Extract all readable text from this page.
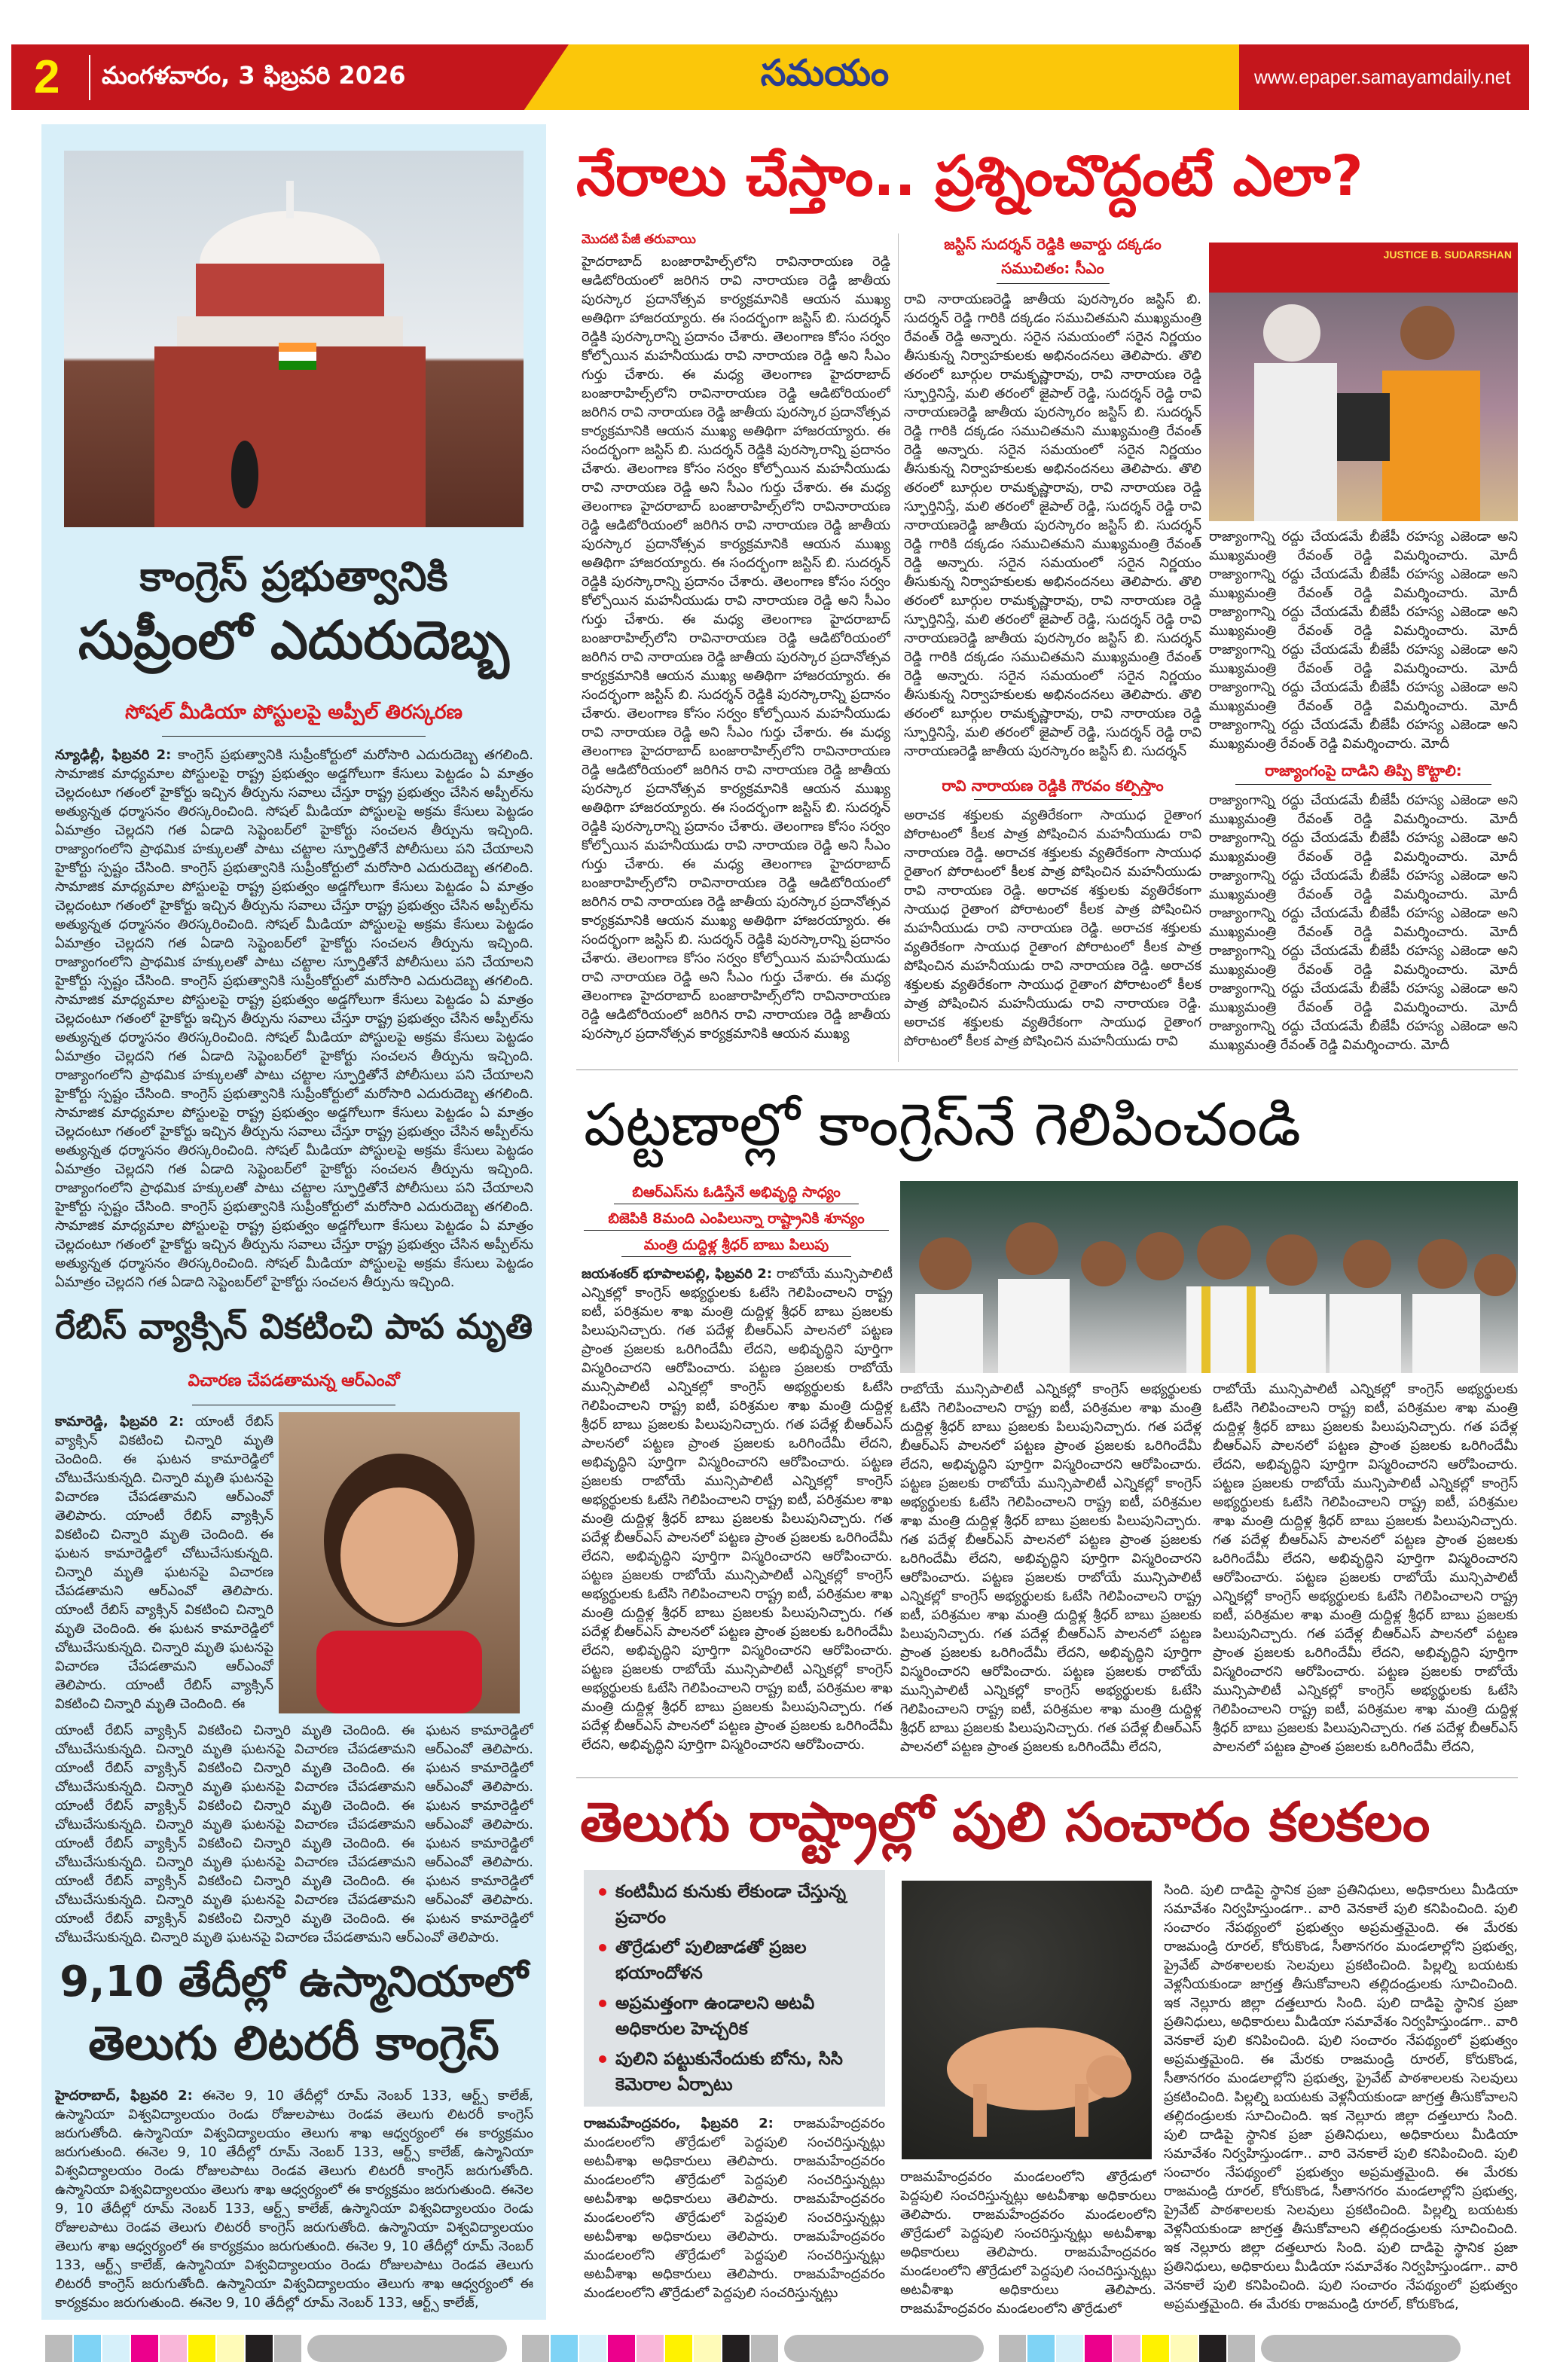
2 మంగళవారం, 3 ఫిబ్రవరి 2026	సమయం	www.epaper.samayamdaily.net
కాంగ్రెస్ ప్రభుత్వానికి
సుప్రీంలో ఎదురుదెబ్బ
సోషల్ మీడియా పోస్టులపై అప్పీల్ తిరస్కరణ
న్యూఢిల్లీ, ఫిబ్రవరి 2: కాంగ్రెస్ ప్రభుత్వానికి సుప్రీంకోర్టులో మరోసారి ఎదురుదెబ్బ తగలింది. సామాజిక మాధ్యమాల పోస్టులపై రాష్ట్ర ప్రభుత్వం అడ్డగోలుగా కేసులు పెట్టడం ఏ మాత్రం చెల్లదంటూ గతంలో హైకోర్టు ఇచ్చిన తీర్పును సవాలు చేస్తూ రాష్ట్ర ప్రభుత్వం చేసిన అప్పీల్‌ను అత్యున్నత ధర్మాసనం తిరస్కరించింది. సోషల్ మీడియా పోస్టులపై అక్రమ కేసులు పెట్టడం ఏమాత్రం చెల్లదని గత ఏడాది సెప్టెంబర్‌లో హైకోర్టు సంచలన తీర్పును ఇచ్చింది. రాజ్యాంగంలోని ప్రాథమిక హక్కులతో పాటు చట్టాల స్ఫూర్తితోనే పోలీసులు పని చేయాలని హైకోర్టు స్పష్టం చేసింది. కాంగ్రెస్ ప్రభుత్వానికి సుప్రీంకోర్టులో మరోసారి ఎదురుదెబ్బ తగలింది. సామాజిక మాధ్యమాల పోస్టులపై రాష్ట్ర ప్రభుత్వం అడ్డగోలుగా కేసులు పెట్టడం ఏ మాత్రం చెల్లదంటూ గతంలో హైకోర్టు ఇచ్చిన తీర్పును సవాలు చేస్తూ రాష్ట్ర ప్రభుత్వం చేసిన అప్పీల్‌ను అత్యున్నత ధర్మాసనం తిరస్కరించింది. సోషల్ మీడియా పోస్టులపై అక్రమ కేసులు పెట్టడం ఏమాత్రం చెల్లదని గత ఏడాది సెప్టెంబర్‌లో హైకోర్టు సంచలన తీర్పును ఇచ్చింది. రాజ్యాంగంలోని ప్రాథమిక హక్కులతో పాటు చట్టాల స్ఫూర్తితోనే పోలీసులు పని చేయాలని హైకోర్టు స్పష్టం చేసింది. కాంగ్రెస్ ప్రభుత్వానికి సుప్రీంకోర్టులో మరోసారి ఎదురుదెబ్బ తగలింది. సామాజిక మాధ్యమాల పోస్టులపై రాష్ట్ర ప్రభుత్వం అడ్డగోలుగా కేసులు పెట్టడం ఏ మాత్రం చెల్లదంటూ గతంలో హైకోర్టు ఇచ్చిన తీర్పును సవాలు చేస్తూ రాష్ట్ర ప్రభుత్వం చేసిన అప్పీల్‌ను అత్యున్నత ధర్మాసనం తిరస్కరించింది. సోషల్ మీడియా పోస్టులపై అక్రమ కేసులు పెట్టడం ఏమాత్రం చెల్లదని గత ఏడాది సెప్టెంబర్‌లో హైకోర్టు సంచలన తీర్పును ఇచ్చింది. రాజ్యాంగంలోని ప్రాథమిక హక్కులతో పాటు చట్టాల స్ఫూర్తితోనే పోలీసులు పని చేయాలని హైకోర్టు స్పష్టం చేసింది. కాంగ్రెస్ ప్రభుత్వానికి సుప్రీంకోర్టులో మరోసారి ఎదురుదెబ్బ తగలింది. సామాజిక మాధ్యమాల పోస్టులపై రాష్ట్ర ప్రభుత్వం అడ్డగోలుగా కేసులు పెట్టడం ఏ మాత్రం చెల్లదంటూ గతంలో హైకోర్టు ఇచ్చిన తీర్పును సవాలు చేస్తూ రాష్ట్ర ప్రభుత్వం చేసిన అప్పీల్‌ను అత్యున్నత ధర్మాసనం తిరస్కరించింది. సోషల్ మీడియా పోస్టులపై అక్రమ కేసులు పెట్టడం ఏమాత్రం చెల్లదని గత ఏడాది సెప్టెంబర్‌లో హైకోర్టు సంచలన తీర్పును ఇచ్చింది. రాజ్యాంగంలోని ప్రాథమిక హక్కులతో పాటు చట్టాల స్ఫూర్తితోనే పోలీసులు పని చేయాలని హైకోర్టు స్పష్టం చేసింది. కాంగ్రెస్ ప్రభుత్వానికి సుప్రీంకోర్టులో మరోసారి ఎదురుదెబ్బ తగలింది. సామాజిక మాధ్యమాల పోస్టులపై రాష్ట్ర ప్రభుత్వం అడ్డగోలుగా కేసులు పెట్టడం ఏ మాత్రం చెల్లదంటూ గతంలో హైకోర్టు ఇచ్చిన తీర్పును సవాలు చేస్తూ రాష్ట్ర ప్రభుత్వం చేసిన అప్పీల్‌ను అత్యున్నత ధర్మాసనం తిరస్కరించింది. సోషల్ మీడియా పోస్టులపై అక్రమ కేసులు పెట్టడం ఏమాత్రం చెల్లదని గత ఏడాది సెప్టెంబర్‌లో హైకోర్టు సంచలన తీర్పును ఇచ్చింది.
రేబిస్ వ్యాక్సిన్ వికటించి పాప మృతి
విచారణ చేపడతామన్న ఆర్ఎంవో
కామారెడ్డి, ఫిబ్రవరి 2: యాంటీ రేబిస్ వ్యాక్సిన్ వికటించి చిన్నారి మృతి చెందింది. ఈ ఘటన కామారెడ్డిలో చోటుచేసుకున్నది. చిన్నారి మృతి ఘటనపై విచారణ చేపడతామని ఆర్ఎంవో తెలిపారు. యాంటీ రేబిస్ వ్యాక్సిన్ వికటించి చిన్నారి మృతి చెందింది. ఈ ఘటన కామారెడ్డిలో చోటుచేసుకున్నది. చిన్నారి మృతి ఘటనపై విచారణ చేపడతామని ఆర్ఎంవో తెలిపారు. యాంటీ రేబిస్ వ్యాక్సిన్ వికటించి చిన్నారి మృతి చెందింది. ఈ ఘటన కామారెడ్డిలో చోటుచేసుకున్నది. చిన్నారి మృతి ఘటనపై విచారణ చేపడతామని ఆర్ఎంవో తెలిపారు. యాంటీ రేబిస్ వ్యాక్సిన్ వికటించి చిన్నారి మృతి చెందింది. ఈ
యాంటీ రేబిస్ వ్యాక్సిన్ వికటించి చిన్నారి మృతి చెందింది. ఈ ఘటన కామారెడ్డిలో చోటుచేసుకున్నది. చిన్నారి మృతి ఘటనపై విచారణ చేపడతామని ఆర్ఎంవో తెలిపారు. యాంటీ రేబిస్ వ్యాక్సిన్ వికటించి చిన్నారి మృతి చెందింది. ఈ ఘటన కామారెడ్డిలో చోటుచేసుకున్నది. చిన్నారి మృతి ఘటనపై విచారణ చేపడతామని ఆర్ఎంవో తెలిపారు. యాంటీ రేబిస్ వ్యాక్సిన్ వికటించి చిన్నారి మృతి చెందింది. ఈ ఘటన కామారెడ్డిలో చోటుచేసుకున్నది. చిన్నారి మృతి ఘటనపై విచారణ చేపడతామని ఆర్ఎంవో తెలిపారు. యాంటీ రేబిస్ వ్యాక్సిన్ వికటించి చిన్నారి మృతి చెందింది. ఈ ఘటన కామారెడ్డిలో చోటుచేసుకున్నది. చిన్నారి మృతి ఘటనపై విచారణ చేపడతామని ఆర్ఎంవో తెలిపారు. యాంటీ రేబిస్ వ్యాక్సిన్ వికటించి చిన్నారి మృతి చెందింది. ఈ ఘటన కామారెడ్డిలో చోటుచేసుకున్నది. చిన్నారి మృతి ఘటనపై విచారణ చేపడతామని ఆర్ఎంవో తెలిపారు. యాంటీ రేబిస్ వ్యాక్సిన్ వికటించి చిన్నారి మృతి చెందింది. ఈ ఘటన కామారెడ్డిలో చోటుచేసుకున్నది. చిన్నారి మృతి ఘటనపై విచారణ చేపడతామని ఆర్ఎంవో తెలిపారు.
9,10 తేదీల్లో ఉస్మానియాలో
తెలుగు లిటరరీ కాంగ్రెస్
హైదరాబాద్, ఫిబ్రవరి 2: ఈనెల 9, 10 తేదీల్లో రూమ్ నెంబర్ 133, ఆర్ట్స్ కాలేజ్, ఉస్మానియా విశ్వవిద్యాలయం రెండు రోజులపాటు రెండవ తెలుగు లిటరరీ కాంగ్రెస్ జరుగుతోంది. ఉస్మానియా విశ్వవిద్యాలయం తెలుగు శాఖ ఆధ్వర్యంలో ఈ కార్యక్రమం జరుగుతుంది. ఈనెల 9, 10 తేదీల్లో రూమ్ నెంబర్ 133, ఆర్ట్స్ కాలేజ్, ఉస్మానియా విశ్వవిద్యాలయం రెండు రోజులపాటు రెండవ తెలుగు లిటరరీ కాంగ్రెస్ జరుగుతోంది. ఉస్మానియా విశ్వవిద్యాలయం తెలుగు శాఖ ఆధ్వర్యంలో ఈ కార్యక్రమం జరుగుతుంది. ఈనెల 9, 10 తేదీల్లో రూమ్ నెంబర్ 133, ఆర్ట్స్ కాలేజ్, ఉస్మానియా విశ్వవిద్యాలయం రెండు రోజులపాటు రెండవ తెలుగు లిటరరీ కాంగ్రెస్ జరుగుతోంది. ఉస్మానియా విశ్వవిద్యాలయం తెలుగు శాఖ ఆధ్వర్యంలో ఈ కార్యక్రమం జరుగుతుంది. ఈనెల 9, 10 తేదీల్లో రూమ్ నెంబర్ 133, ఆర్ట్స్ కాలేజ్, ఉస్మానియా విశ్వవిద్యాలయం రెండు రోజులపాటు రెండవ తెలుగు లిటరరీ కాంగ్రెస్ జరుగుతోంది. ఉస్మానియా విశ్వవిద్యాలయం తెలుగు శాఖ ఆధ్వర్యంలో ఈ కార్యక్రమం జరుగుతుంది. ఈనెల 9, 10 తేదీల్లో రూమ్ నెంబర్ 133, ఆర్ట్స్ కాలేజ్,
నేరాలు చేస్తాం.. ప్రశ్నించొద్దంటే ఎలా?
మొదటి పేజీ తరువాయి
హైదరాబాద్ బంజారాహిల్స్‌లోని రావినారాయణ రెడ్డి ఆడిటోరియంలో జరిగిన రావి నారాయణ రెడ్డి జాతీయ పురస్కార ప్రదానోత్సవ కార్యక్రమానికి ఆయన ముఖ్య అతిథిగా హాజరయ్యారు. ఈ సందర్భంగా జస్టిస్ బి. సుదర్శన్ రెడ్డికి పురస్కారాన్ని ప్రదానం చేశారు. తెలంగాణ కోసం సర్వం కోల్పోయిన మహనీయుడు రావి నారాయణ రెడ్డి అని సీఎం గుర్తు చేశారు. ఈ మధ్య తెలంగాణ హైదరాబాద్ బంజారాహిల్స్‌లోని రావినారాయణ రెడ్డి ఆడిటోరియంలో జరిగిన రావి నారాయణ రెడ్డి జాతీయ పురస్కార ప్రదానోత్సవ కార్యక్రమానికి ఆయన ముఖ్య అతిథిగా హాజరయ్యారు. ఈ సందర్భంగా జస్టిస్ బి. సుదర్శన్ రెడ్డికి పురస్కారాన్ని ప్రదానం చేశారు. తెలంగాణ కోసం సర్వం కోల్పోయిన మహనీయుడు రావి నారాయణ రెడ్డి అని సీఎం గుర్తు చేశారు. ఈ మధ్య తెలంగాణ హైదరాబాద్ బంజారాహిల్స్‌లోని రావినారాయణ రెడ్డి ఆడిటోరియంలో జరిగిన రావి నారాయణ రెడ్డి జాతీయ పురస్కార ప్రదానోత్సవ కార్యక్రమానికి ఆయన ముఖ్య అతిథిగా హాజరయ్యారు. ఈ సందర్భంగా జస్టిస్ బి. సుదర్శన్ రెడ్డికి పురస్కారాన్ని ప్రదానం చేశారు. తెలంగాణ కోసం సర్వం కోల్పోయిన మహనీయుడు రావి నారాయణ రెడ్డి అని సీఎం గుర్తు చేశారు. ఈ మధ్య తెలంగాణ హైదరాబాద్ బంజారాహిల్స్‌లోని రావినారాయణ రెడ్డి ఆడిటోరియంలో జరిగిన రావి నారాయణ రెడ్డి జాతీయ పురస్కార ప్రదానోత్సవ కార్యక్రమానికి ఆయన ముఖ్య అతిథిగా హాజరయ్యారు. ఈ సందర్భంగా జస్టిస్ బి. సుదర్శన్ రెడ్డికి పురస్కారాన్ని ప్రదానం చేశారు. తెలంగాణ కోసం సర్వం కోల్పోయిన మహనీయుడు రావి నారాయణ రెడ్డి అని సీఎం గుర్తు చేశారు. ఈ మధ్య తెలంగాణ హైదరాబాద్ బంజారాహిల్స్‌లోని రావినారాయణ రెడ్డి ఆడిటోరియంలో జరిగిన రావి నారాయణ రెడ్డి జాతీయ పురస్కార ప్రదానోత్సవ కార్యక్రమానికి ఆయన ముఖ్య అతిథిగా హాజరయ్యారు. ఈ సందర్భంగా జస్టిస్ బి. సుదర్శన్ రెడ్డికి పురస్కారాన్ని ప్రదానం చేశారు. తెలంగాణ కోసం సర్వం కోల్పోయిన మహనీయుడు రావి నారాయణ రెడ్డి అని సీఎం గుర్తు చేశారు. ఈ మధ్య తెలంగాణ హైదరాబాద్ బంజారాహిల్స్‌లోని రావినారాయణ రెడ్డి ఆడిటోరియంలో జరిగిన రావి నారాయణ రెడ్డి జాతీయ పురస్కార ప్రదానోత్సవ కార్యక్రమానికి ఆయన ముఖ్య అతిథిగా హాజరయ్యారు. ఈ సందర్భంగా జస్టిస్ బి. సుదర్శన్ రెడ్డికి పురస్కారాన్ని ప్రదానం చేశారు. తెలంగాణ కోసం సర్వం కోల్పోయిన మహనీయుడు రావి నారాయణ రెడ్డి అని సీఎం గుర్తు చేశారు. ఈ మధ్య తెలంగాణ హైదరాబాద్ బంజారాహిల్స్‌లోని రావినారాయణ రెడ్డి ఆడిటోరియంలో జరిగిన రావి నారాయణ రెడ్డి జాతీయ పురస్కార ప్రదానోత్సవ కార్యక్రమానికి ఆయన ముఖ్య
జస్టిస్ సుదర్శన్ రెడ్డికి అవార్డు దక్కడం సముచితం: సీఎం
రావి నారాయణరెడ్డి జాతీయ పురస్కారం జస్టిస్ బి. సుదర్శన్ రెడ్డి గారికి దక్కడం సముచితమని ముఖ్యమంత్రి రేవంత్ రెడ్డి అన్నారు. సరైన సమయంలో సరైన నిర్ణయం తీసుకున్న నిర్వాహకులకు అభినందనలు తెలిపారు. తొలి తరంలో బూర్గుల రామకృష్ణారావు, రావి నారాయణ రెడ్డి స్ఫూర్తినిస్తే, మలి తరంలో జైపాల్ రెడ్డి, సుదర్శన్ రెడ్డి రావి నారాయణరెడ్డి జాతీయ పురస్కారం జస్టిస్ బి. సుదర్శన్ రెడ్డి గారికి దక్కడం సముచితమని ముఖ్యమంత్రి రేవంత్ రెడ్డి అన్నారు. సరైన సమయంలో సరైన నిర్ణయం తీసుకున్న నిర్వాహకులకు అభినందనలు తెలిపారు. తొలి తరంలో బూర్గుల రామకృష్ణారావు, రావి నారాయణ రెడ్డి స్ఫూర్తినిస్తే, మలి తరంలో జైపాల్ రెడ్డి, సుదర్శన్ రెడ్డి రావి నారాయణరెడ్డి జాతీయ పురస్కారం జస్టిస్ బి. సుదర్శన్ రెడ్డి గారికి దక్కడం సముచితమని ముఖ్యమంత్రి రేవంత్ రెడ్డి అన్నారు. సరైన సమయంలో సరైన నిర్ణయం తీసుకున్న నిర్వాహకులకు అభినందనలు తెలిపారు. తొలి తరంలో బూర్గుల రామకృష్ణారావు, రావి నారాయణ రెడ్డి స్ఫూర్తినిస్తే, మలి తరంలో జైపాల్ రెడ్డి, సుదర్శన్ రెడ్డి రావి నారాయణరెడ్డి జాతీయ పురస్కారం జస్టిస్ బి. సుదర్శన్ రెడ్డి గారికి దక్కడం సముచితమని ముఖ్యమంత్రి రేవంత్ రెడ్డి అన్నారు. సరైన సమయంలో సరైన నిర్ణయం తీసుకున్న నిర్వాహకులకు అభినందనలు తెలిపారు. తొలి తరంలో బూర్గుల రామకృష్ణారావు, రావి నారాయణ రెడ్డి స్ఫూర్తినిస్తే, మలి తరంలో జైపాల్ రెడ్డి, సుదర్శన్ రెడ్డి రావి నారాయణరెడ్డి జాతీయ పురస్కారం జస్టిస్ బి. సుదర్శన్
రావి నారాయణ రెడ్డికి గౌరవం కల్పిస్తాం
అరాచక శక్తులకు వ్యతిరేకంగా సాయుధ రైతాంగ పోరాటంలో కీలక పాత్ర పోషించిన మహనీయుడు రావి నారాయణ రెడ్డి. అరాచక శక్తులకు వ్యతిరేకంగా సాయుధ రైతాంగ పోరాటంలో కీలక పాత్ర పోషించిన మహనీయుడు రావి నారాయణ రెడ్డి. అరాచక శక్తులకు వ్యతిరేకంగా సాయుధ రైతాంగ పోరాటంలో కీలక పాత్ర పోషించిన మహనీయుడు రావి నారాయణ రెడ్డి. అరాచక శక్తులకు వ్యతిరేకంగా సాయుధ రైతాంగ పోరాటంలో కీలక పాత్ర పోషించిన మహనీయుడు రావి నారాయణ రెడ్డి. అరాచక శక్తులకు వ్యతిరేకంగా సాయుధ రైతాంగ పోరాటంలో కీలక పాత్ర పోషించిన మహనీయుడు రావి నారాయణ రెడ్డి. అరాచక శక్తులకు వ్యతిరేకంగా సాయుధ రైతాంగ పోరాటంలో కీలక పాత్ర పోషించిన మహనీయుడు రావి
JUSTICE B. SUDARSHAN
రాజ్యాంగాన్ని రద్దు చేయడమే బీజేపీ రహస్య ఎజెండా అని ముఖ్యమంత్రి రేవంత్ రెడ్డి విమర్శించారు. మోదీ రాజ్యాంగాన్ని రద్దు చేయడమే బీజేపీ రహస్య ఎజెండా అని ముఖ్యమంత్రి రేవంత్ రెడ్డి విమర్శించారు. మోదీ రాజ్యాంగాన్ని రద్దు చేయడమే బీజేపీ రహస్య ఎజెండా అని ముఖ్యమంత్రి రేవంత్ రెడ్డి విమర్శించారు. మోదీ రాజ్యాంగాన్ని రద్దు చేయడమే బీజేపీ రహస్య ఎజెండా అని ముఖ్యమంత్రి రేవంత్ రెడ్డి విమర్శించారు. మోదీ రాజ్యాంగాన్ని రద్దు చేయడమే బీజేపీ రహస్య ఎజెండా అని ముఖ్యమంత్రి రేవంత్ రెడ్డి విమర్శించారు. మోదీ రాజ్యాంగాన్ని రద్దు చేయడమే బీజేపీ రహస్య ఎజెండా అని ముఖ్యమంత్రి రేవంత్ రెడ్డి విమర్శించారు. మోదీ
రాజ్యాంగంపై దాడిని తిప్పి కొట్టాలి:
రాజ్యాంగాన్ని రద్దు చేయడమే బీజేపీ రహస్య ఎజెండా అని ముఖ్యమంత్రి రేవంత్ రెడ్డి విమర్శించారు. మోదీ రాజ్యాంగాన్ని రద్దు చేయడమే బీజేపీ రహస్య ఎజెండా అని ముఖ్యమంత్రి రేవంత్ రెడ్డి విమర్శించారు. మోదీ రాజ్యాంగాన్ని రద్దు చేయడమే బీజేపీ రహస్య ఎజెండా అని ముఖ్యమంత్రి రేవంత్ రెడ్డి విమర్శించారు. మోదీ రాజ్యాంగాన్ని రద్దు చేయడమే బీజేపీ రహస్య ఎజెండా అని ముఖ్యమంత్రి రేవంత్ రెడ్డి విమర్శించారు. మోదీ రాజ్యాంగాన్ని రద్దు చేయడమే బీజేపీ రహస్య ఎజెండా అని ముఖ్యమంత్రి రేవంత్ రెడ్డి విమర్శించారు. మోదీ రాజ్యాంగాన్ని రద్దు చేయడమే బీజేపీ రహస్య ఎజెండా అని ముఖ్యమంత్రి రేవంత్ రెడ్డి విమర్శించారు. మోదీ రాజ్యాంగాన్ని రద్దు చేయడమే బీజేపీ రహస్య ఎజెండా అని ముఖ్యమంత్రి రేవంత్ రెడ్డి విమర్శించారు. మోదీ
పట్టణాల్లో కాంగ్రెస్‌నే గెలిపించండి
బిఆర్ఎస్‌ను ఓడిస్తేనే అభివృద్ధి సాధ్యం
బిజెపికి 8మంది ఎంపిలున్నా రాష్ట్రానికి శూన్యం
మంత్రి దుద్దిళ్ల శ్రీధర్ బాబు పిలుపు
జయశంకర్ భూపాలపల్లి, ఫిబ్రవరి 2: రాబోయే మున్సిపాలిటీ ఎన్నికల్లో కాంగ్రెస్ అభ్యర్థులకు ఓటేసి గెలిపించాలని రాష్ట్ర ఐటీ, పరిశ్రమల శాఖ మంత్రి దుద్దిళ్ల శ్రీధర్ బాబు ప్రజలకు పిలుపునిచ్చారు. గత పదేళ్ల బీఆర్ఎస్ పాలనలో పట్టణ ప్రాంత ప్రజలకు ఒరిగిందేమీ లేదని, అభివృద్ధిని పూర్తిగా విస్మరించారని ఆరోపించారు. పట్టణ ప్రజలకు రాబోయే మున్సిపాలిటీ ఎన్నికల్లో కాంగ్రెస్ అభ్యర్థులకు ఓటేసి గెలిపించాలని రాష్ట్ర ఐటీ, పరిశ్రమల శాఖ మంత్రి దుద్దిళ్ల శ్రీధర్ బాబు ప్రజలకు పిలుపునిచ్చారు. గత పదేళ్ల బీఆర్ఎస్ పాలనలో పట్టణ ప్రాంత ప్రజలకు ఒరిగిందేమీ లేదని, అభివృద్ధిని పూర్తిగా విస్మరించారని ఆరోపించారు. పట్టణ ప్రజలకు రాబోయే మున్సిపాలిటీ ఎన్నికల్లో కాంగ్రెస్ అభ్యర్థులకు ఓటేసి గెలిపించాలని రాష్ట్ర ఐటీ, పరిశ్రమల శాఖ మంత్రి దుద్దిళ్ల శ్రీధర్ బాబు ప్రజలకు పిలుపునిచ్చారు. గత పదేళ్ల బీఆర్ఎస్ పాలనలో పట్టణ ప్రాంత ప్రజలకు ఒరిగిందేమీ లేదని, అభివృద్ధిని పూర్తిగా విస్మరించారని ఆరోపించారు. పట్టణ ప్రజలకు రాబోయే మున్సిపాలిటీ ఎన్నికల్లో కాంగ్రెస్ అభ్యర్థులకు ఓటేసి గెలిపించాలని రాష్ట్ర ఐటీ, పరిశ్రమల శాఖ మంత్రి దుద్దిళ్ల శ్రీధర్ బాబు ప్రజలకు పిలుపునిచ్చారు. గత పదేళ్ల బీఆర్ఎస్ పాలనలో పట్టణ ప్రాంత ప్రజలకు ఒరిగిందేమీ లేదని, అభివృద్ధిని పూర్తిగా విస్మరించారని ఆరోపించారు. పట్టణ ప్రజలకు రాబోయే మున్సిపాలిటీ ఎన్నికల్లో కాంగ్రెస్ అభ్యర్థులకు ఓటేసి గెలిపించాలని రాష్ట్ర ఐటీ, పరిశ్రమల శాఖ మంత్రి దుద్దిళ్ల శ్రీధర్ బాబు ప్రజలకు పిలుపునిచ్చారు. గత పదేళ్ల బీఆర్ఎస్ పాలనలో పట్టణ ప్రాంత ప్రజలకు ఒరిగిందేమీ లేదని, అభివృద్ధిని పూర్తిగా విస్మరించారని ఆరోపించారు.
రాబోయే మున్సిపాలిటీ ఎన్నికల్లో కాంగ్రెస్ అభ్యర్థులకు ఓటేసి గెలిపించాలని రాష్ట్ర ఐటీ, పరిశ్రమల శాఖ మంత్రి దుద్దిళ్ల శ్రీధర్ బాబు ప్రజలకు పిలుపునిచ్చారు. గత పదేళ్ల బీఆర్ఎస్ పాలనలో పట్టణ ప్రాంత ప్రజలకు ఒరిగిందేమీ లేదని, అభివృద్ధిని పూర్తిగా విస్మరించారని ఆరోపించారు. పట్టణ ప్రజలకు రాబోయే మున్సిపాలిటీ ఎన్నికల్లో కాంగ్రెస్ అభ్యర్థులకు ఓటేసి గెలిపించాలని రాష్ట్ర ఐటీ, పరిశ్రమల శాఖ మంత్రి దుద్దిళ్ల శ్రీధర్ బాబు ప్రజలకు పిలుపునిచ్చారు. గత పదేళ్ల బీఆర్ఎస్ పాలనలో పట్టణ ప్రాంత ప్రజలకు ఒరిగిందేమీ లేదని, అభివృద్ధిని పూర్తిగా విస్మరించారని ఆరోపించారు. పట్టణ ప్రజలకు రాబోయే మున్సిపాలిటీ ఎన్నికల్లో కాంగ్రెస్ అభ్యర్థులకు ఓటేసి గెలిపించాలని రాష్ట్ర ఐటీ, పరిశ్రమల శాఖ మంత్రి దుద్దిళ్ల శ్రీధర్ బాబు ప్రజలకు పిలుపునిచ్చారు. గత పదేళ్ల బీఆర్ఎస్ పాలనలో పట్టణ ప్రాంత ప్రజలకు ఒరిగిందేమీ లేదని, అభివృద్ధిని పూర్తిగా విస్మరించారని ఆరోపించారు. పట్టణ ప్రజలకు రాబోయే మున్సిపాలిటీ ఎన్నికల్లో కాంగ్రెస్ అభ్యర్థులకు ఓటేసి గెలిపించాలని రాష్ట్ర ఐటీ, పరిశ్రమల శాఖ మంత్రి దుద్దిళ్ల శ్రీధర్ బాబు ప్రజలకు పిలుపునిచ్చారు. గత పదేళ్ల బీఆర్ఎస్ పాలనలో పట్టణ ప్రాంత ప్రజలకు ఒరిగిందేమీ లేదని,
రాబోయే మున్సిపాలిటీ ఎన్నికల్లో కాంగ్రెస్ అభ్యర్థులకు ఓటేసి గెలిపించాలని రాష్ట్ర ఐటీ, పరిశ్రమల శాఖ మంత్రి దుద్దిళ్ల శ్రీధర్ బాబు ప్రజలకు పిలుపునిచ్చారు. గత పదేళ్ల బీఆర్ఎస్ పాలనలో పట్టణ ప్రాంత ప్రజలకు ఒరిగిందేమీ లేదని, అభివృద్ధిని పూర్తిగా విస్మరించారని ఆరోపించారు. పట్టణ ప్రజలకు రాబోయే మున్సిపాలిటీ ఎన్నికల్లో కాంగ్రెస్ అభ్యర్థులకు ఓటేసి గెలిపించాలని రాష్ట్ర ఐటీ, పరిశ్రమల శాఖ మంత్రి దుద్దిళ్ల శ్రీధర్ బాబు ప్రజలకు పిలుపునిచ్చారు. గత పదేళ్ల బీఆర్ఎస్ పాలనలో పట్టణ ప్రాంత ప్రజలకు ఒరిగిందేమీ లేదని, అభివృద్ధిని పూర్తిగా విస్మరించారని ఆరోపించారు. పట్టణ ప్రజలకు రాబోయే మున్సిపాలిటీ ఎన్నికల్లో కాంగ్రెస్ అభ్యర్థులకు ఓటేసి గెలిపించాలని రాష్ట్ర ఐటీ, పరిశ్రమల శాఖ మంత్రి దుద్దిళ్ల శ్రీధర్ బాబు ప్రజలకు పిలుపునిచ్చారు. గత పదేళ్ల బీఆర్ఎస్ పాలనలో పట్టణ ప్రాంత ప్రజలకు ఒరిగిందేమీ లేదని, అభివృద్ధిని పూర్తిగా విస్మరించారని ఆరోపించారు. పట్టణ ప్రజలకు రాబోయే మున్సిపాలిటీ ఎన్నికల్లో కాంగ్రెస్ అభ్యర్థులకు ఓటేసి గెలిపించాలని రాష్ట్ర ఐటీ, పరిశ్రమల శాఖ మంత్రి దుద్దిళ్ల శ్రీధర్ బాబు ప్రజలకు పిలుపునిచ్చారు. గత పదేళ్ల బీఆర్ఎస్ పాలనలో పట్టణ ప్రాంత ప్రజలకు ఒరిగిందేమీ లేదని,
తెలుగు రాష్ట్రాల్లో పులి సంచారం కలకలం
కంటిమీద కునుకు లేకుండా చేస్తున్న ప్రచారం
తొర్రేడులో పులిజాడతో ప్రజల భయాందోళన
అప్రమత్తంగా ఉండాలని అటవీ అధికారుల హెచ్చరిక
పులిని పట్టుకునేందుకు బోను, సిసి కెమెరాల ఏర్పాటు
రాజమహేంద్రవరం, ఫిబ్రవరి 2: రాజమహేంద్రవరం మండలంలోని తొర్రేడులో పెద్దపులి సంచరిస్తున్నట్లు అటవీశాఖ అధికారులు తెలిపారు. రాజమహేంద్రవరం మండలంలోని తొర్రేడులో పెద్దపులి సంచరిస్తున్నట్లు అటవీశాఖ అధికారులు తెలిపారు. రాజమహేంద్రవరం మండలంలోని తొర్రేడులో పెద్దపులి సంచరిస్తున్నట్లు అటవీశాఖ అధికారులు తెలిపారు. రాజమహేంద్రవరం మండలంలోని తొర్రేడులో పెద్దపులి సంచరిస్తున్నట్లు అటవీశాఖ అధికారులు తెలిపారు. రాజమహేంద్రవరం మండలంలోని తొర్రేడులో పెద్దపులి సంచరిస్తున్నట్లు
రాజమహేంద్రవరం మండలంలోని తొర్రేడులో పెద్దపులి సంచరిస్తున్నట్లు అటవీశాఖ అధికారులు తెలిపారు. రాజమహేంద్రవరం మండలంలోని తొర్రేడులో పెద్దపులి సంచరిస్తున్నట్లు అటవీశాఖ అధికారులు తెలిపారు. రాజమహేంద్రవరం మండలంలోని తొర్రేడులో పెద్దపులి సంచరిస్తున్నట్లు అటవీశాఖ అధికారులు తెలిపారు. రాజమహేంద్రవరం మండలంలోని తొర్రేడులో
సింది. పులి దాడిపై స్థానిక ప్రజా ప్రతినిధులు, అధికారులు మీడియా సమావేశం నిర్వహిస్తుండగా.. వారి వెనకాలే పులి కనిపించింది. పులి సంచారం నేపథ్యంలో ప్రభుత్వం అప్రమత్తమైంది. ఈ మేరకు రాజమండ్రి రూరల్, కోరుకొండ, సీతానగరం మండలాల్లోని ప్రభుత్వ, ప్రైవేట్ పాఠశాలలకు సెలవులు ప్రకటించింది. పిల్లల్ని బయటకు వెళ్లనీయకుండా జాగ్రత్త తీసుకోవాలని తల్లిదండ్రులకు సూచించింది. ఇక నెల్లూరు జిల్లా దత్తలూరు సింది. పులి దాడిపై స్థానిక ప్రజా ప్రతినిధులు, అధికారులు మీడియా సమావేశం నిర్వహిస్తుండగా.. వారి వెనకాలే పులి కనిపించింది. పులి సంచారం నేపథ్యంలో ప్రభుత్వం అప్రమత్తమైంది. ఈ మేరకు రాజమండ్రి రూరల్, కోరుకొండ, సీతానగరం మండలాల్లోని ప్రభుత్వ, ప్రైవేట్ పాఠశాలలకు సెలవులు ప్రకటించింది. పిల్లల్ని బయటకు వెళ్లనీయకుండా జాగ్రత్త తీసుకోవాలని తల్లిదండ్రులకు సూచించింది. ఇక నెల్లూరు జిల్లా దత్తలూరు సింది. పులి దాడిపై స్థానిక ప్రజా ప్రతినిధులు, అధికారులు మీడియా సమావేశం నిర్వహిస్తుండగా.. వారి వెనకాలే పులి కనిపించింది. పులి సంచారం నేపథ్యంలో ప్రభుత్వం అప్రమత్తమైంది. ఈ మేరకు రాజమండ్రి రూరల్, కోరుకొండ, సీతానగరం మండలాల్లోని ప్రభుత్వ, ప్రైవేట్ పాఠశాలలకు సెలవులు ప్రకటించింది. పిల్లల్ని బయటకు వెళ్లనీయకుండా జాగ్రత్త తీసుకోవాలని తల్లిదండ్రులకు సూచించింది. ఇక నెల్లూరు జిల్లా దత్తలూరు సింది. పులి దాడిపై స్థానిక ప్రజా ప్రతినిధులు, అధికారులు మీడియా సమావేశం నిర్వహిస్తుండగా.. వారి వెనకాలే పులి కనిపించింది. పులి సంచారం నేపథ్యంలో ప్రభుత్వం అప్రమత్తమైంది. ఈ మేరకు రాజమండ్రి రూరల్, కోరుకొండ,
